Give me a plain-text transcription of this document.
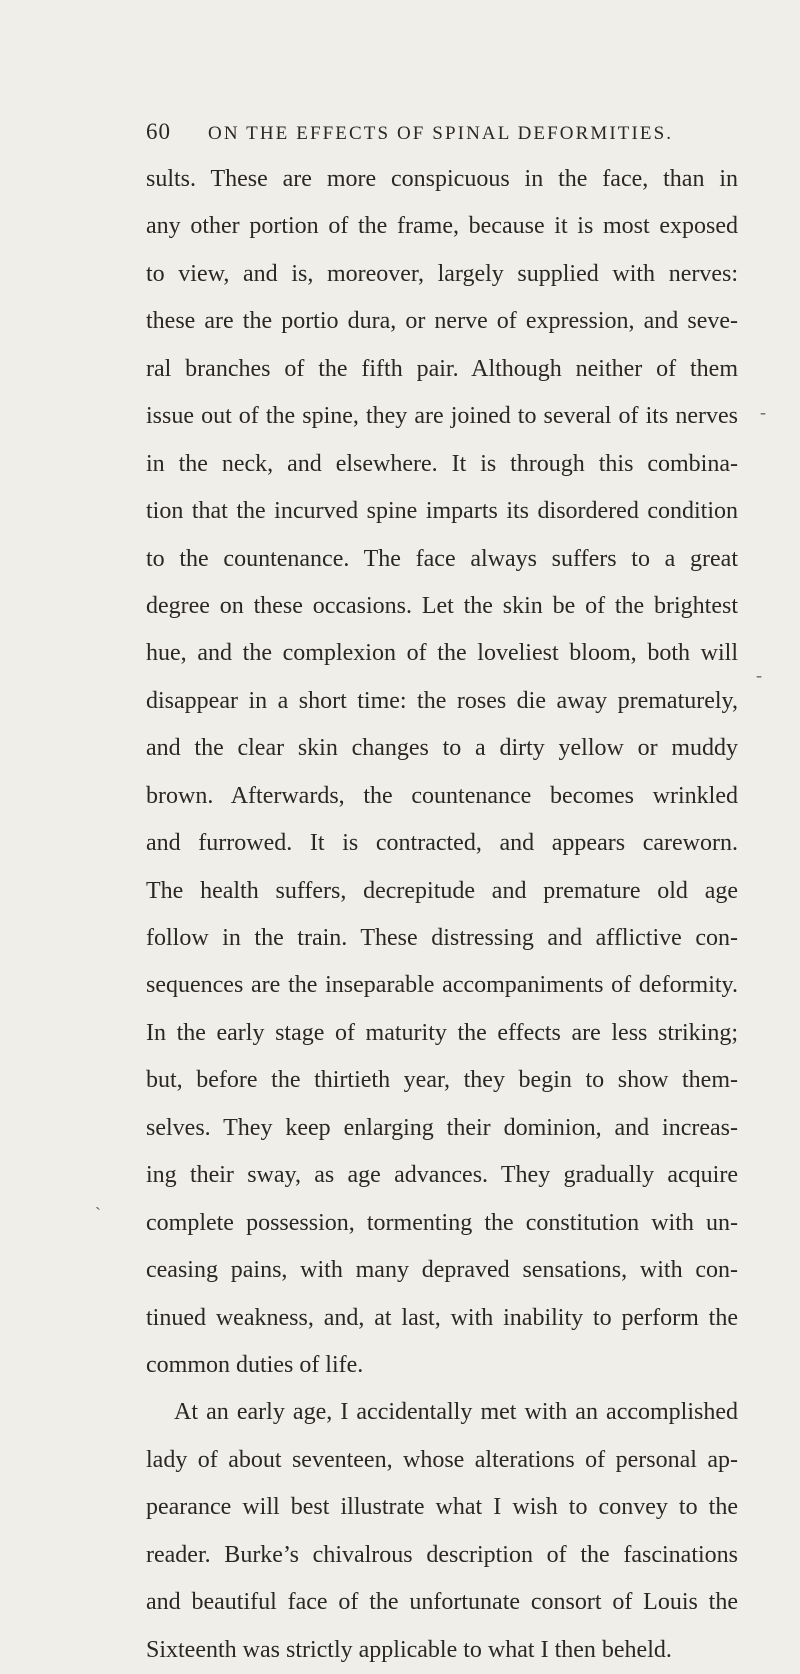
60 ON THE EFFECTS OF SPINAL DEFORMITIES.
sults. These are more conspicuous in the face, than in
any other portion of the frame, because it is most exposed
to view, and is, moreover, largely supplied with nerves:
these are the portio dura, or nerve of expression, and seve-
ral branches of the fifth pair. Although neither of them
issue out of the spine, they are joined to several of its nerves
in the neck, and elsewhere. It is through this combina-
tion that the incurved spine imparts its disordered condition
to the countenance. The face always suffers to a great
degree on these occasions. Let the skin be of the brightest
hue, and the complexion of the loveliest bloom, both will
disappear in a short time: the roses die away prematurely,
and the clear skin changes to a dirty yellow or muddy
brown. Afterwards, the countenance becomes wrinkled
and furrowed. It is contracted, and appears careworn.
The health suffers, decrepitude and premature old age
follow in the train. These distressing and afflictive con-
sequences are the inseparable accompaniments of deformity.
In the early stage of maturity the effects are less striking;
but, before the thirtieth year, they begin to show them-
selves. They keep enlarging their dominion, and increas-
ing their sway, as age advances. They gradually acquire
complete possession, tormenting the constitution with un-
ceasing pains, with many depraved sensations, with con-
tinued weakness, and, at last, with inability to perform the
common duties of life.
At an early age, I accidentally met with an accomplished
lady of about seventeen, whose alterations of personal ap-
pearance will best illustrate what I wish to convey to the
reader. Burke’s chivalrous description of the fascinations
and beautiful face of the unfortunate consort of Louis the
Sixteenth was strictly applicable to what I then beheld.
-
-
`
